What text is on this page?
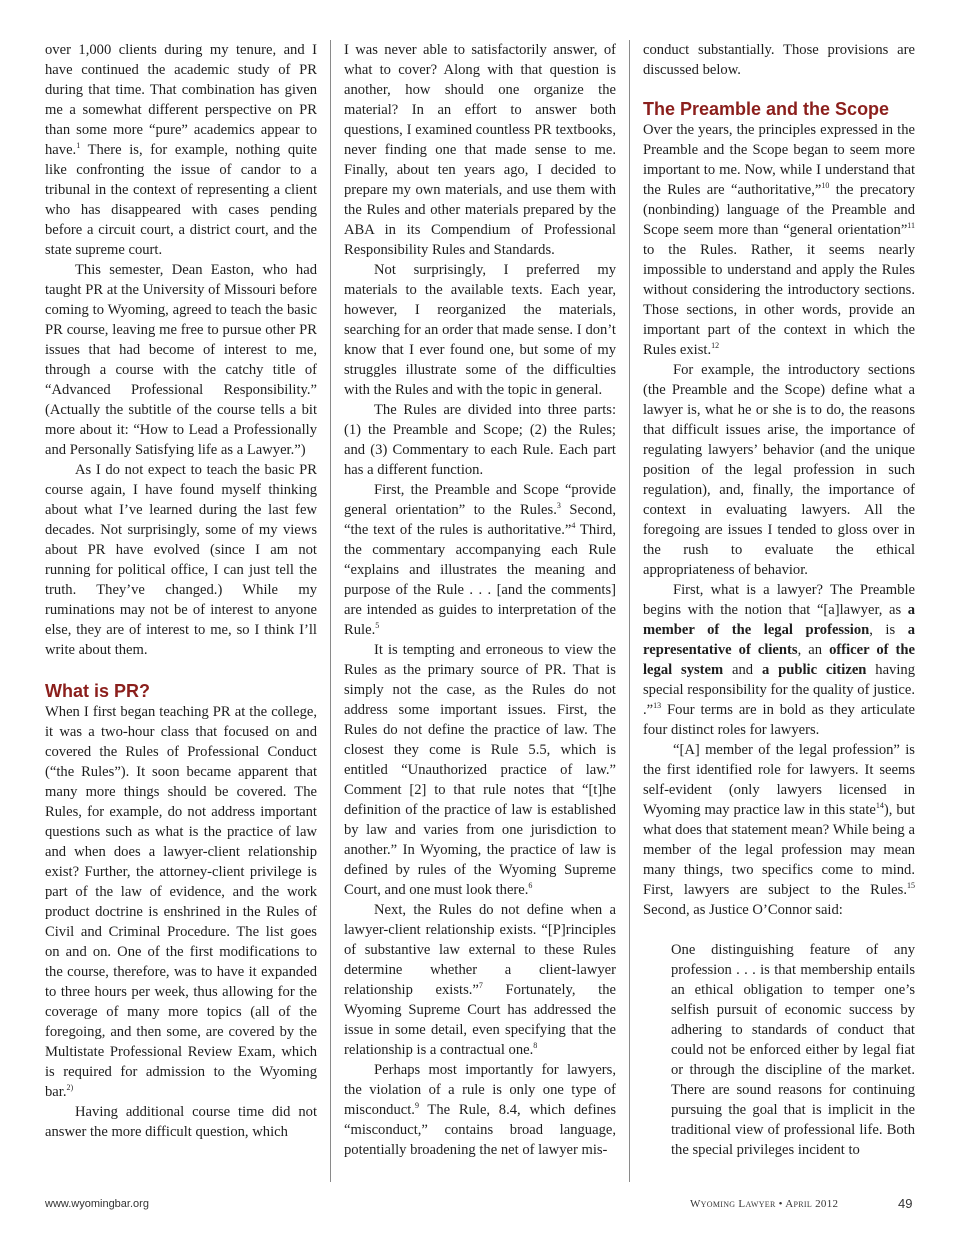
over 1,000 clients during my tenure, and I have continued the academic study of PR during that time. That combination has given me a somewhat different perspective on PR than some more “pure” academics appear to have.$^1$ There is, for example, nothing quite like confronting the issue of candor to a tribunal in the context of representing a client who has disappeared with cases pending before a circuit court, a district court, and the state supreme court.

This semester, Dean Easton, who had taught PR at the University of Missouri before coming to Wyoming, agreed to teach the basic PR course, leaving me free to pursue other PR issues that had become of interest to me, through a course with the catchy title of “Advanced Professional Responsibility.” (Actually the subtitle of the course tells a bit more about it: “How to Lead a Professionally and Personally Satisfying life as a Lawyer.”)

As I do not expect to teach the basic PR course again, I have found myself thinking about what I’ve learned during the last few decades. Not surprisingly, some of my views about PR have evolved (since I am not running for political office, I can just tell the truth. They’ve changed.) While my ruminations may not be of interest to anyone else, they are of interest to me, so I think I’ll write about them.

What is PR?

When I first began teaching PR at the college, it was a two-hour class that focused on and covered the Rules of Professional Conduct (“the Rules”). It soon became apparent that many more things should be covered. The Rules, for example, do not address important questions such as what is the practice of law and when does a lawyer-client relationship exist? Further, the attorney-client privilege is part of the law of evidence, and the work product doctrine is enshrined in the Rules of Civil and Criminal Procedure. The list goes on and on. One of the first modifications to the course, therefore, was to have it expanded to three hours per week, thus allowing for the coverage of many more topics (all of the foregoing, and then some, are covered by the Multistate Professional Review Exam, which is required for admission to the Wyoming bar.$^{2)}$

Having additional course time did not answer the more difficult question, which

I was never able to satisfactorily answer, of what to cover? Along with that question is another, how should one organize the material? In an effort to answer both questions, I examined countless PR textbooks, never finding one that made sense to me. Finally, about ten years ago, I decided to prepare my own materials, and use them with the Rules and other materials prepared by the ABA in its Compendium of Professional Responsibility Rules and Standards.

Not surprisingly, I preferred my materials to the available texts. Each year, however, I reorganized the materials, searching for an order that made sense. I don’t know that I ever found one, but some of my struggles illustrate some of the difficulties with the Rules and with the topic in general.

The Rules are divided into three parts: (1) the Preamble and Scope; (2) the Rules; and (3) Commentary to each Rule. Each part has a different function.

First, the Preamble and Scope “provide general orientation” to the Rules.$^3$ Second, “the text of the rules is authoritative.”$^4$ Third, the commentary accompanying each Rule “explains and illustrates the meaning and purpose of the Rule . . . [and the comments] are intended as guides to interpretation of the Rule.$^5$

It is tempting and erroneous to view the Rules as the primary source of PR. That is simply not the case, as the Rules do not address some important issues. First, the Rules do not define the practice of law. The closest they come is Rule 5.5, which is entitled “Unauthorized practice of law.” Comment [2] to that rule notes that “[t]he definition of the practice of law is established by law and varies from one jurisdiction to another.” In Wyoming, the practice of law is defined by rules of the Wyoming Supreme Court, and one must look there.$^6$

Next, the Rules do not define when a lawyer-client relationship exists. “[P]rinciples of substantive law external to these Rules determine whether a client-lawyer relationship exists.”$^7$ Fortunately, the Wyoming Supreme Court has addressed the issue in some detail, even specifying that the relationship is a contractual one.$^8$

Perhaps most importantly for lawyers, the violation of a rule is only one type of misconduct.$^9$ The Rule, 8.4, which defines “misconduct,” contains broad language, potentially broadening the net of lawyer mis-

conduct substantially. Those provisions are discussed below.

The Preamble and the Scope

Over the years, the principles expressed in the Preamble and the Scope began to seem more important to me. Now, while I understand that the Rules are “authoritative,”$^{10}$ the precatory (nonbinding) language of the Preamble and Scope seem more than “general orientation”$^{11}$ to the Rules. Rather, it seems nearly impossible to understand and apply the Rules without considering the introductory sections. Those sections, in other words, provide an important part of the context in which the Rules exist.$^{12}$

For example, the introductory sections (the Preamble and the Scope) define what a lawyer is, what he or she is to do, the reasons that difficult issues arise, the importance of regulating lawyers’ behavior (and the unique position of the legal profession in such regulation), and, finally, the importance of context in evaluating lawyers. All the foregoing are issues I tended to gloss over in the rush to evaluate the ethical appropriateness of behavior.

First, what is a lawyer? The Preamble begins with the notion that “[a]lawyer, as a member of the legal profession, is a representative of clients, an officer of the legal system and a public citizen having special responsibility for the quality of justice. .”$^{13}$ Four terms are in bold as they articulate four distinct roles for lawyers.

“[A] member of the legal profession” is the first identified role for lawyers. It seems self-evident (only lawyers licensed in Wyoming may practice law in this state$^{14}$), but what does that statement mean? While being a member of the legal profession may mean many things, two specifics come to mind. First, lawyers are subject to the Rules.$^{15}$ Second, as Justice O’Connor said:

One distinguishing feature of any profession . . . is that membership entails an ethical obligation to temper one’s selfish pursuit of economic success by adhering to standards of conduct that could not be enforced either by legal fiat or through the discipline of the market. There are sound reasons for continuing pursuing the goal that is implicit in the traditional view of professional life. Both the special privileges incident to

www.wyomingbar.org	Wyoming Lawyer • April 2012	49
